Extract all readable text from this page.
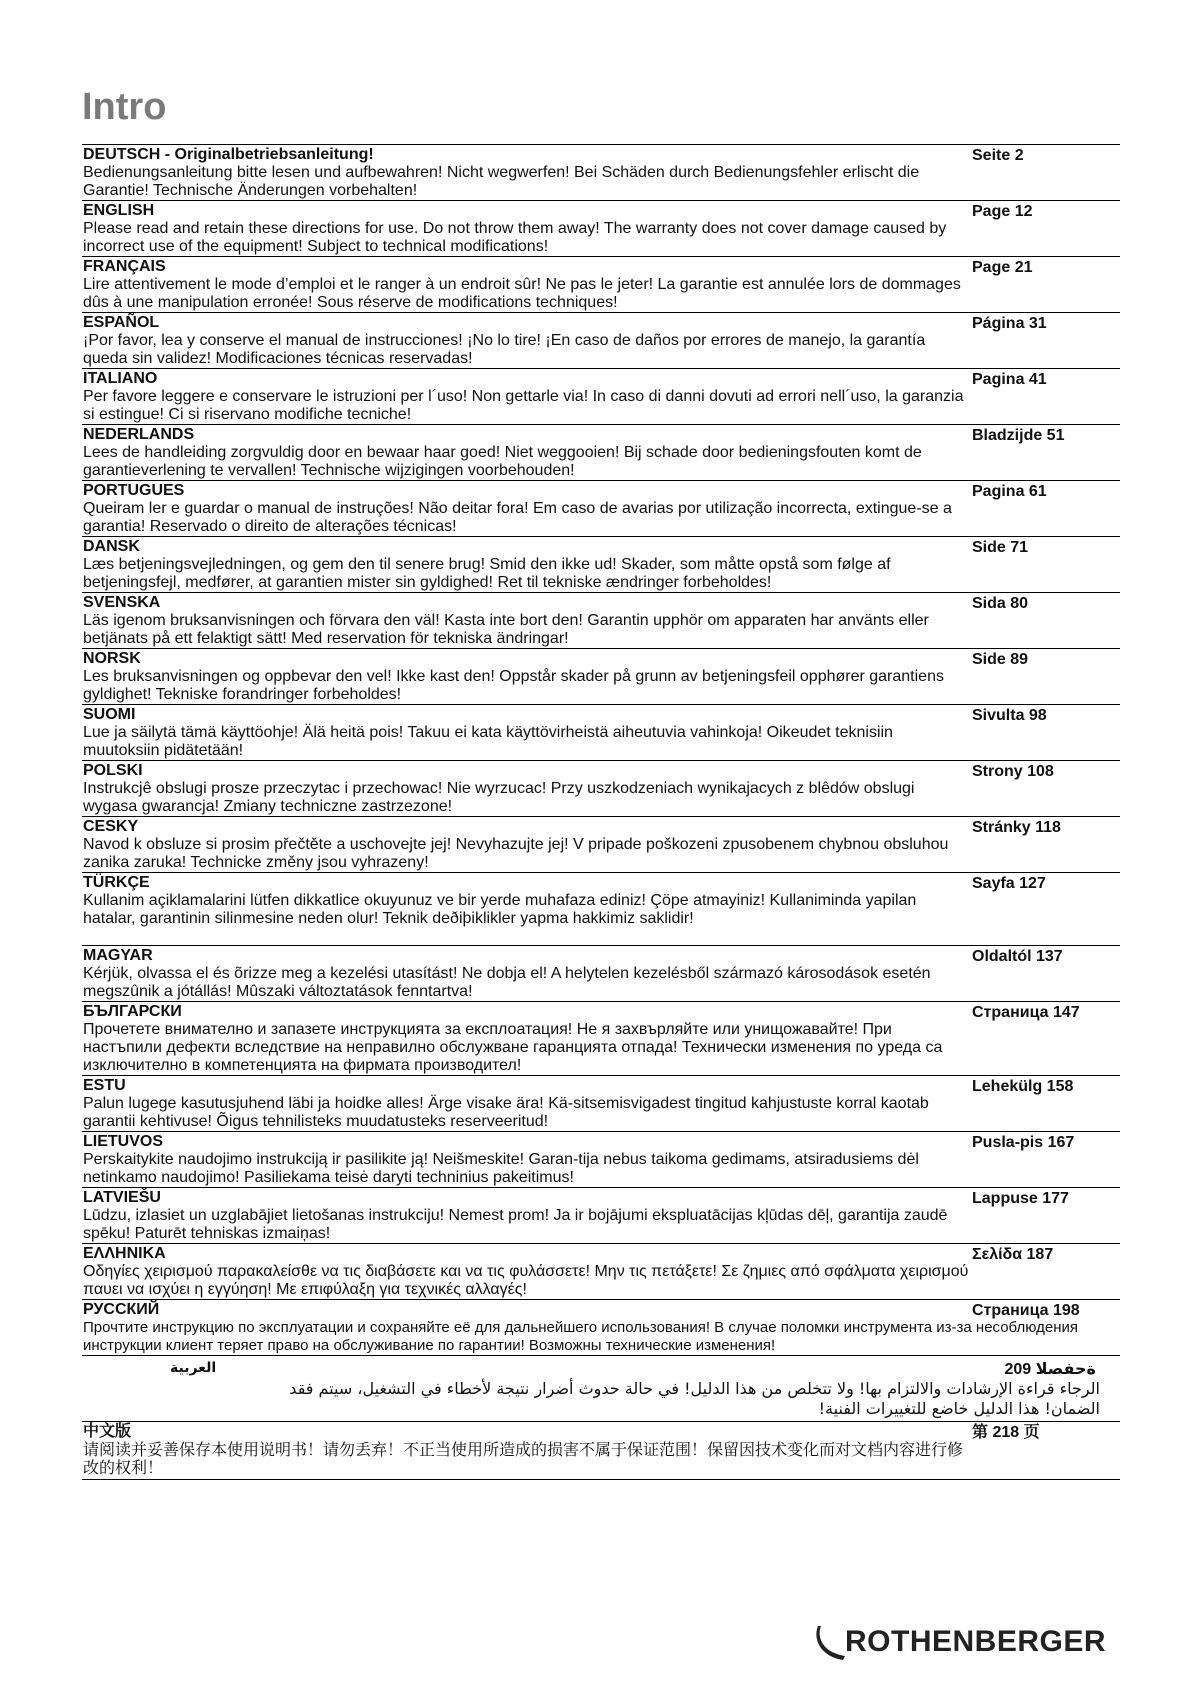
Intro
DEUTSCH - Originalbetriebsanleitung!
Bedienungsanleitung bitte lesen und aufbewahren! Nicht wegwerfen! Bei Schäden durch Bedienungsfehler erlischt die Garantie! Technische Änderungen vorbehalten!
Seite 2
ENGLISH
Please read and retain these directions for use. Do not throw them away! The warranty does not cover damage caused by incorrect use of the equipment! Subject to technical modifications!
Page 12
FRANÇAIS
Lire attentivement le mode d’emploi et le ranger à un endroit sûr! Ne pas le jeter! La garantie est annulée lors de dommages dûs à une manipulation erronée! Sous réserve de modifications techniques!
Page 21
ESPAÑOL
¡Por favor, lea y conserve el manual de instrucciones! ¡No lo tire! ¡En caso de daños por errores de manejo, la garantía queda sin validez! Modificaciones técnicas reservadas!
Página 31
ITALIANO
Per favore leggere e conservare le istruzioni per l´uso! Non gettarle via! In caso di danni dovuti ad errori nell´uso, la garanzia si estingue! Ci si riservano modifiche tecniche!
Pagina 41
NEDERLANDS
Lees de handleiding zorgvuldig door en bewaar haar goed! Niet weggooien! Bij schade door bedieningsfouten komt de garantieverlening te vervallen! Technische wijzigingen voorbehouden!
Bladzijde 51
PORTUGUES
Queiram ler e guardar o manual de instruções! Não deitar fora! Em caso de avarias por utilização incorrecta, extingue-se a garantia! Reservado o direito de alterações técnicas!
Pagina 61
DANSK
Læs betjeningsvejledningen, og gem den til senere brug! Smid den ikke ud! Skader, som måtte opstå som følge af betjeningsfejl, medfører, at garantien mister sin gyldighed! Ret til tekniske ændringer forbeholdes!
Side 71
SVENSKA
Läs igenom bruksanvisningen och förvara den väl! Kasta inte bort den! Garantin upphör om apparaten har använts eller betjänats på ett felaktigt sätt! Med reservation för tekniska ändringar!
Sida 80
NORSK
Les bruksanvisningen og oppbevar den vel! Ikke kast den! Oppstår skader på grunn av betjeningsfeil opphører garantiens gyldighet! Tekniske forandringer forbeholdes!
Side 89
SUOMI
Lue ja säilytä tämä käyttöohje! Älä heitä pois! Takuu ei kata käyttövirheistä aiheutuvia vahinkoja! Oikeudet teknisiin muutoksiin pidätetään!
Sivulta 98
POLSKI
Instrukcjê obslugi prosze przeczytac i przechowac! Nie wyrzucac! Przy uszkodzeniach wynikajacych z blêdów obslugi wygasa gwarancja! Zmiany techniczne zastrzezone!
Strony 108
CESKY
Navod k obsluze si prosim přečtěte a uschovejte jej! Nevyhazujte jej! V pripade poškozeni zpusobenem chybnou obsluhou zanika zaruka! Technicke změny jsou vyhrazeny!
Stránky 118
TÜRKÇE
Kullanim açiklamalarini lütfen dikkatlice okuyunuz ve bir yerde muhafaza ediniz! Çöpe atmayiniz! Kullaniminda yapilan hatalar, garantinin silinmesine neden olur! Teknik deðiþiklikler yapma hakkimiz saklidir!
Sayfa 127
MAGYAR
Kérjük, olvassa el és õrizze meg a kezelési utasítást! Ne dobja el! A helytelen kezelésből származó károsodások esetén megszûnik a jótállás! Mûszaki változtatások fenntartva!
Oldaltól 137
БЪЛГАРСКИ
Прочетете внимателно и запазете инструкцията за експлоатация! Не я захвърляйте или унищожавайте! При настъпили дефекти вследствие на неправилно обслужване гаранцията отпада! Технически изменения по уреда са изключително в компетенцията на фирмата производител!
Страница 147
ESTU
Palun lugege kasutusjuhend läbi ja hoidke alles! Ärge visake ära! Kä-sitsemisvigadest tingitud kahjustuste korral kaotab garantii kehtivuse! Õigus tehnilisteks muudatusteks reserveeritud!
Lehekülg 158
LIETUVOS
Perskaitykite naudojimo instrukciją ir pasilikite ją! Neišmeskite! Garan-tija nebus taikoma gedimams, atsiradusiems dėl netinkamo naudojimo! Pasiliekama teisė daryti techninius pakeitimus!
Pusla-pis 167
LATVIEŠU
Lūdzu, izlasiet un uzglabājiet lietošanas instrukciju! Nemest prom! Ja ir bojājumi ekspluatācijas kļūdas dēļ, garantija zaudē spēku! Paturēt tehniskas izmaiņas!
Lappuse 177
ΕΛΛΗΝΙΚΑ
Οδηγίες χειρισμού παρακαλείσθε να τις διαβάσετε και να τις φυλάσσετε! Μην τις πετάξετε! Σε ζημιες από σφάλματα χειρισμού παυει να ισχύει η εγγύηση! Με επιφύλαξη για τεχνικές αλλαγές!
Σελίδα 187
РУССКИЙ
Прочтите инструкцию по эксплуатации и сохраняйте её для дальнейшего использования! В случае поломки инструмента из-за несоблюдения инструкции клиент теряет право на обслуживание по гарантии! Возможны технические изменения!
Страница 198
العربية	ةحفصلا 209
الرجاء قراءة الإرشادات والالتزام بها! ولا تتخلص من هذا الدليل! في حالة حدوث أضرار نتيجة لأخطاء في التشغيل، سيتم فقد الضمان! هذا الدليل خاضع للتغييرات الفنية!
中文版
请阅读并妥善保存本使用说明书！请勿丢弃！不正当使用所造成的损害不属于保证范围！保留因技术变化而对文档内容进行修改的权利！
第 218 页
ROTHENBERGER
